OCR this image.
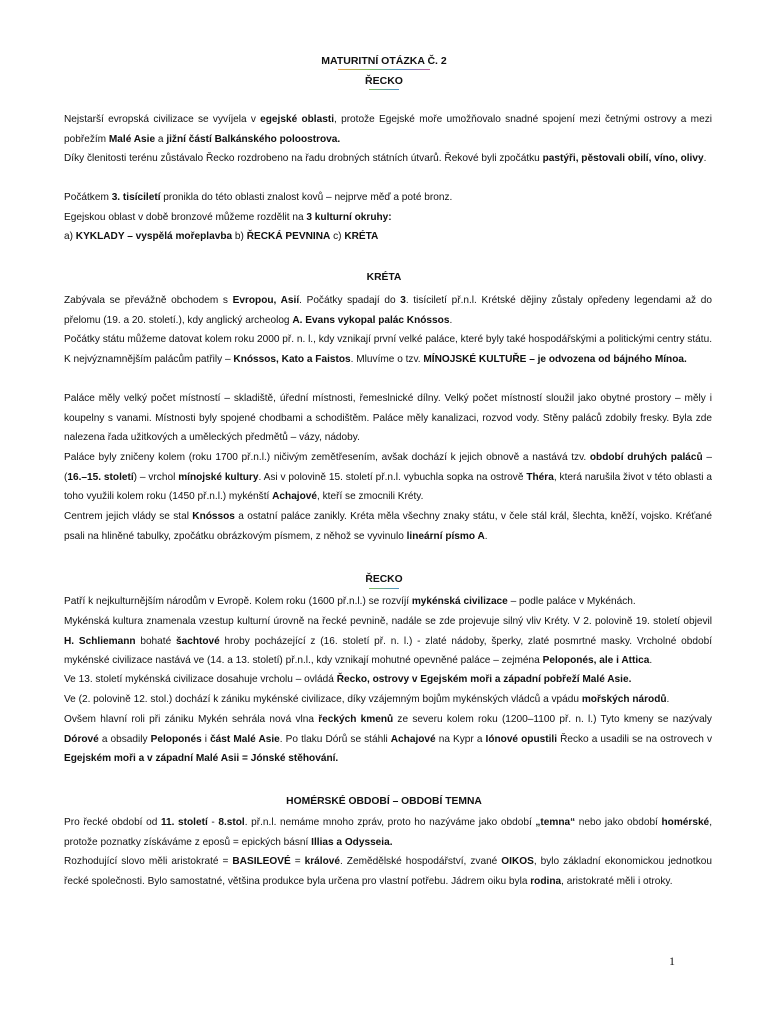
MATURITNÍ OTÁZKA Č. 2
ŘECKO

Nejstarší evropská civilizace se vyvíjela v egejské oblasti, protože Egejské moře umožňovalo snadné spojení mezi četnými ostrovy a mezi pobřežím Malé Asie a jižní částí Balkánského poloostrova.

Díky členitosti terénu zůstávalo Řecko rozdrobeno na řadu drobných státních útvarů. Řekové byli zpočátku pastýři, pěstovali obilí, víno, olivy.

Počátkem 3. tisíciletí pronikla do této oblasti znalost kovů – nejprve měď a poté bronz.

Egejskou oblast v době bronzové můžeme rozdělit na 3 kulturní okruhy:

a) KYKLADY – vyspělá mořeplavba b) ŘECKÁ PEVNINA c) KRÉTA

KRÉTA

Zabývala se převážně obchodem s Evropou, Asií. Počátky spadají do 3. tisíciletí př.n.l. Krétské dějiny zůstaly opředeny legendami až do přelomu (19. a 20. století.), kdy anglický archeolog A. Evans vykopal palác Knóssos.

Počátky státu můžeme datovat kolem roku 2000 př. n. l., kdy vznikají první velké paláce, které byly také hospodářskými a politickými centry státu. K nejvýznamnějším palácům patřily – Knóssos, Kato a Faistos. Mluvíme o tzv. MÍNOJSKÉ KULTUŘE – je odvozena od bájného Mínoa.

Paláce měly velký počet místností – skladiště, úřední místnosti, řemeslnické dílny. Velký počet místností sloužil jako obytné prostory – měly i koupelny s vanami. Místnosti byly spojené chodbami a schodištěm. Paláce měly kanalizaci, rozvod vody. Stěny paláců zdobily fresky. Byla zde nalezena řada užitkových a uměleckých předmětů – vázy, nádoby.

Paláce byly zničeny kolem (roku 1700 př.n.l.) ničivým zemětřesením, avšak dochází k jejich obnově a nastává tzv. období druhých paláců – (16.–15. století) – vrchol mínojské kultury. Asi v polovině 15. století př.n.l. vybuchla sopka na ostrově Théra, která narušila život v této oblasti a toho využili kolem roku (1450 př.n.l.) mykénští Achajové, kteří se zmocnili Kréty.

Centrem jejich vlády se stal Knóssos a ostatní paláce zanikly. Kréta měla všechny znaky státu, v čele stál král, šlechta, kněží, vojsko. Kréťané psali na hliněné tabulky, zpočátku obrázkovým písmem, z něhož se vyvinulo lineární písmo A.

ŘECKO

Patří k nejkulturnějším národům v Evropě. Kolem roku (1600 př.n.l.) se rozvíjí mykénská civilizace – podle paláce v Mykénách.

Mykénská kultura znamenala vzestup kulturní úrovně na řecké pevnině, nadále se zde projevuje silný vliv Kréty. V 2. polovině 19. století objevil H. Schliemann bohaté šachtové hroby pocházející z (16. století př. n. l.) - zlaté nádoby, šperky, zlaté posmrtné masky. Vrcholné období mykénské civilizace nastává ve (14. a 13. století) př.n.l., kdy vznikají mohutné opevněné paláce – zejména Peloponés, ale i Attica.

Ve 13. století mykénská civilizace dosahuje vrcholu – ovládá Řecko, ostrovy v Egejském moři a západní pobřeží Malé Asie.

Ve (2. polovině 12. stol.) dochází k zániku mykénské civilizace, díky vzájemným bojům mykénských vládců a vpádu mořských národů.

Ovšem hlavní roli při zániku Mykén sehrála nová vlna řeckých kmenů ze severu kolem roku (1200–1100 př. n. l.) Tyto kmeny se nazývaly Dórové a obsadily Peloponés i část Malé Asie. Po tlaku Dórů se stáhli Achajové na Kypr a Iónové opustili Řecko a usadili se na ostrovech v Egejském moři a v západní Malé Asii = Jónské stěhování.

HOMÉRSKÉ OBDOBÍ – OBDOBÍ TEMNA

Pro řecké období od 11. století - 8.stol. př.n.l. nemáme mnoho zpráv, proto ho nazýváme jako období „temna“ nebo jako období homérské, protože poznatky získáváme z eposů = epických básní Illias a Odysseia.

Rozhodující slovo měli aristokraté = BASILEOVÉ = králové. Zemědělské hospodářství, zvané OIKOS, bylo základní ekonomickou jednotkou řecké společnosti. Bylo samostatné, většina produkce byla určena pro vlastní potřebu. Jádrem oiku byla rodina, aristokraté měli i otroky.

1
